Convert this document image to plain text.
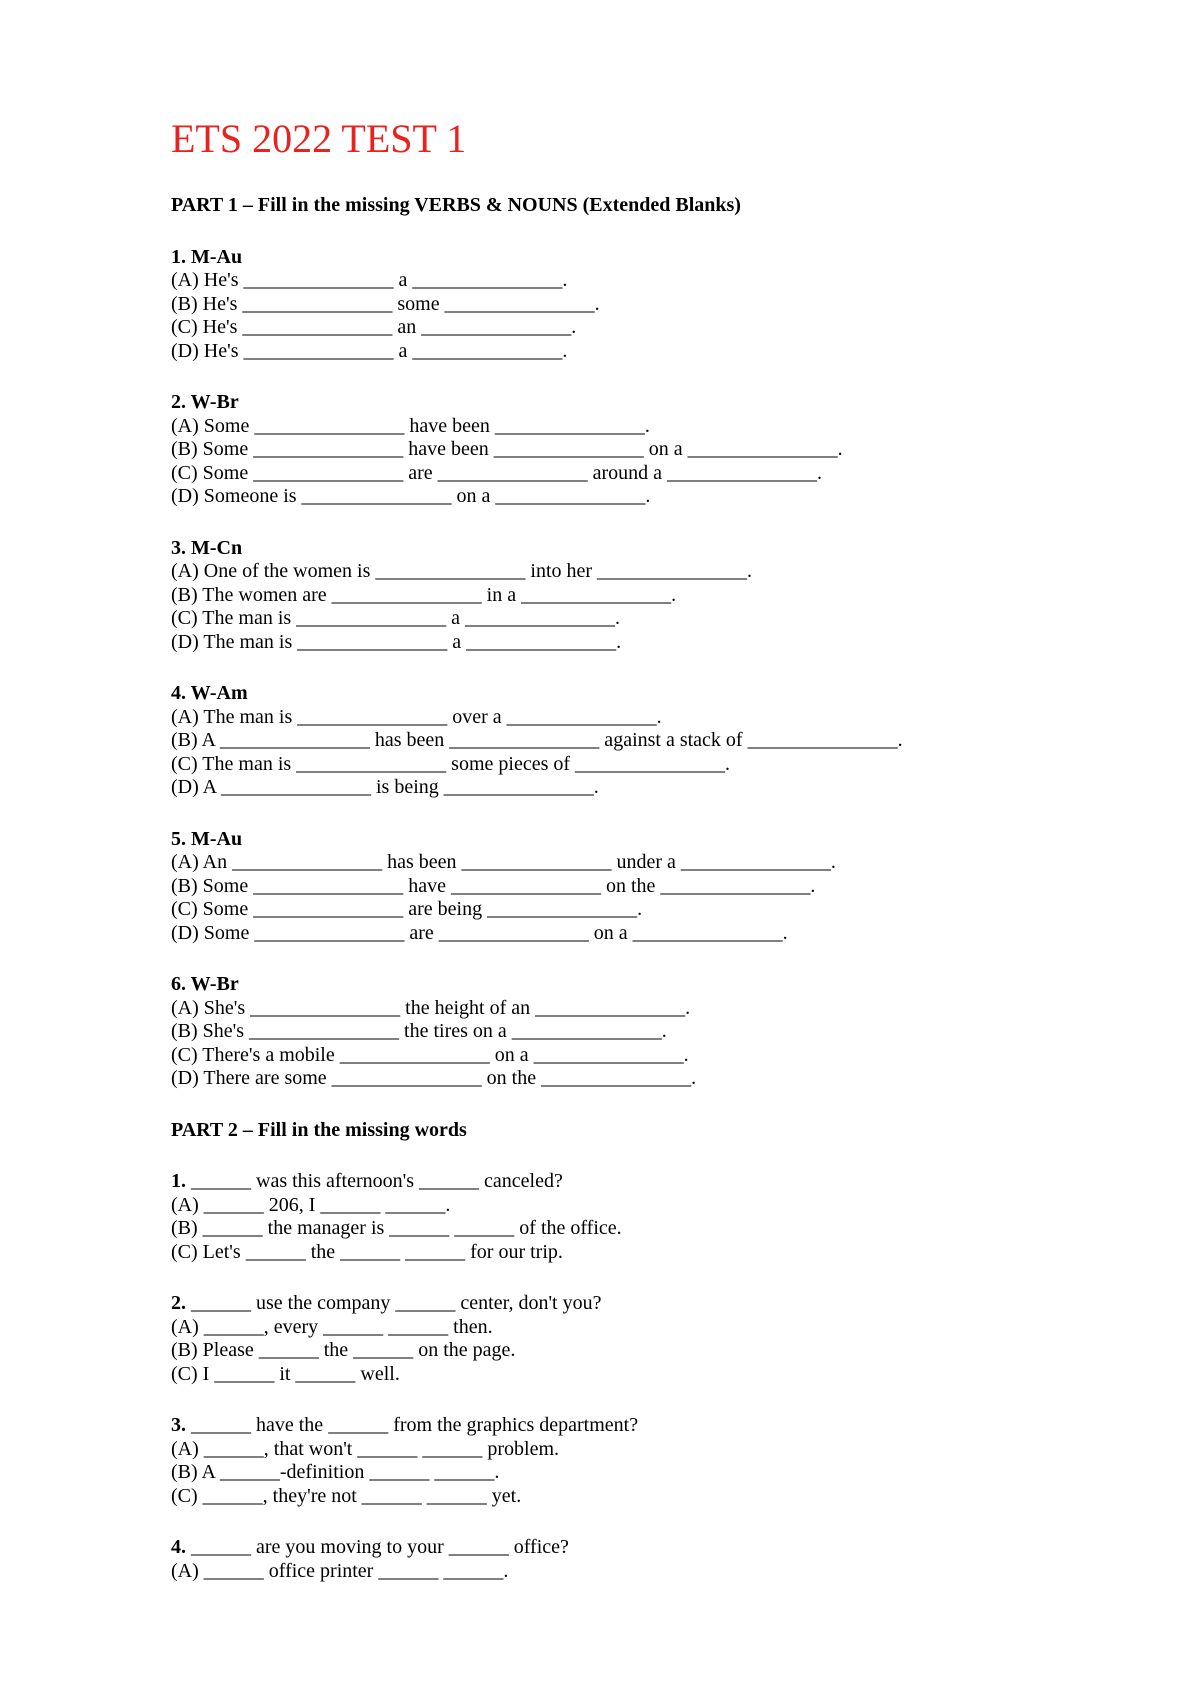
ETS 2022 TEST 1
PART 1 – Fill in the missing VERBS & NOUNS (Extended Blanks)
1. M-Au
(A) He's _______________ a _______________.
(B) He's _______________ some _______________.
(C) He's _______________ an _______________.
(D) He's _______________ a _______________.
2. W-Br
(A) Some _______________ have been _______________.
(B) Some _______________ have been _______________ on a _______________.
(C) Some _______________ are _______________ around a _______________.
(D) Someone is _______________ on a _______________.
3. M-Cn
(A) One of the women is _______________ into her _______________.
(B) The women are _______________ in a _______________.
(C) The man is _______________ a _______________.
(D) The man is _______________ a _______________.
4. W-Am
(A) The man is _______________ over a _______________.
(B) A _______________ has been _______________ against a stack of _______________.
(C) The man is _______________ some pieces of _______________.
(D) A _______________ is being _______________.
5. M-Au
(A) An _______________ has been _______________ under a _______________.
(B) Some _______________ have _______________ on the _______________.
(C) Some _______________ are being _______________.
(D) Some _______________ are _______________ on a _______________.
6. W-Br
(A) She's _______________ the height of an _______________.
(B) She's _______________ the tires on a _______________.
(C) There's a mobile _______________ on a _______________.
(D) There are some _______________ on the _______________.
PART 2 – Fill in the missing words
1. ______ was this afternoon's ______ canceled?
(A) ______ 206, I ______ ______.
(B) ______ the manager is ______ ______ of the office.
(C) Let's ______ the ______ ______ for our trip.
2. ______ use the company ______ center, don't you?
(A) ______, every ______ ______ then.
(B) Please ______ the ______ on the page.
(C) I ______ it ______ well.
3. ______ have the ______ from the graphics department?
(A) ______, that won't ______ ______ problem.
(B) A ______-definition ______ ______.
(C) ______, they're not ______ ______ yet.
4. ______ are you moving to your ______ office?
(A) ______ office printer ______ ______.
